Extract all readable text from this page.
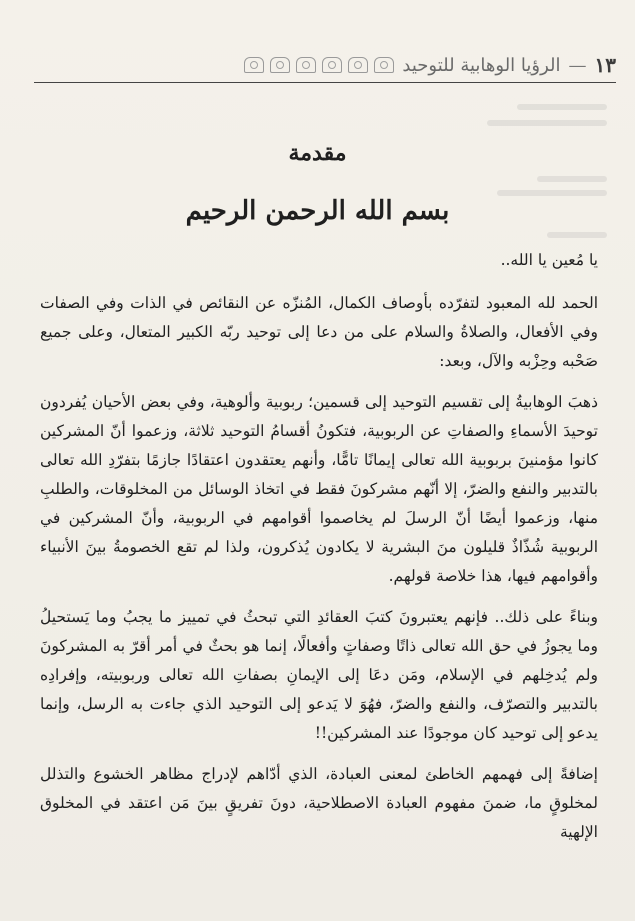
١٣
—
الرؤيا الوهابية للتوحيد
مقدمة
بسم الله الرحمن الرحيم

يا مُعين يا الله..

الحمد لله المعبود لتفرّده بأوصاف الكمال، المُنزّه عن النقائص في الذات وفي الصفات وفي الأفعال، والصلاةُ والسلام على من دعا إلى توحيد ربّه الكبير المتعال، وعلى جميع صَحْبه وحِزْبه والآل، وبعد:

ذهبَ الوهابيةُ إلى تقسيم التوحيد إلى قسمين؛ ربوبية وألوهية، وفي بعض الأحيان يُفردون توحيدَ الأسماءِ والصفاتِ عن الربوبية، فتكونُ أقسامُ التوحيد ثلاثة، وزعموا أنّ المشركين كانوا مؤمنينَ بربوبية الله تعالى إيمانًا تامًّا، وأنهم يعتقدون اعتقادًا جازمًا بتفرّدِ الله تعالى بالتدبير والنفع والضرّ، إلا أنّهم مشركونَ فقط في اتخاذ الوسائل من المخلوقات، والطلبِ منها، وزعموا أيضًا أنّ الرسلَ لم يخاصموا أقوامهم في الربوبية، وأنّ المشركين في الربوبية شُذّاذٌ قليلون منَ البشرية لا يكادون يُذكرون، ولذا لم تقع الخصومةُ بينَ الأنبياء وأقوامهم فيها، هذا خلاصة قولهم.

وبناءً على ذلك.. فإنهم يعتبرونَ كتبَ العقائدِ التي تبحثُ في تمييز ما يجبُ وما يَستحيلُ وما يجوزُ في حق الله تعالى ذاتًا وصفاتٍ وأفعالًا، إنما هو بحثٌ في أمر أقرّ به المشركونَ ولم يُدخِلهم في الإسلام، ومَن دعَا إلى الإيمانِ بصفاتِ الله تعالى وربوبيته، وإفرادِه بالتدبير والتصرّف، والنفع والضرّ، فهُوَ لا يَدعو إلى التوحيد الذي جاءت به الرسل، وإنما يدعو إلى توحيد كان موجودًا عند المشركين!!

إضافةً إلى فهمهم الخاطئ لمعنى العبادة، الذي أدّاهم لإدراج مظاهر الخشوع والتذلل لمخلوقٍ ما، ضمنَ مفهوم العبادة الاصطلاحية، دونَ تفريقٍ بينَ مَن اعتقد في المخلوق الإلهية
